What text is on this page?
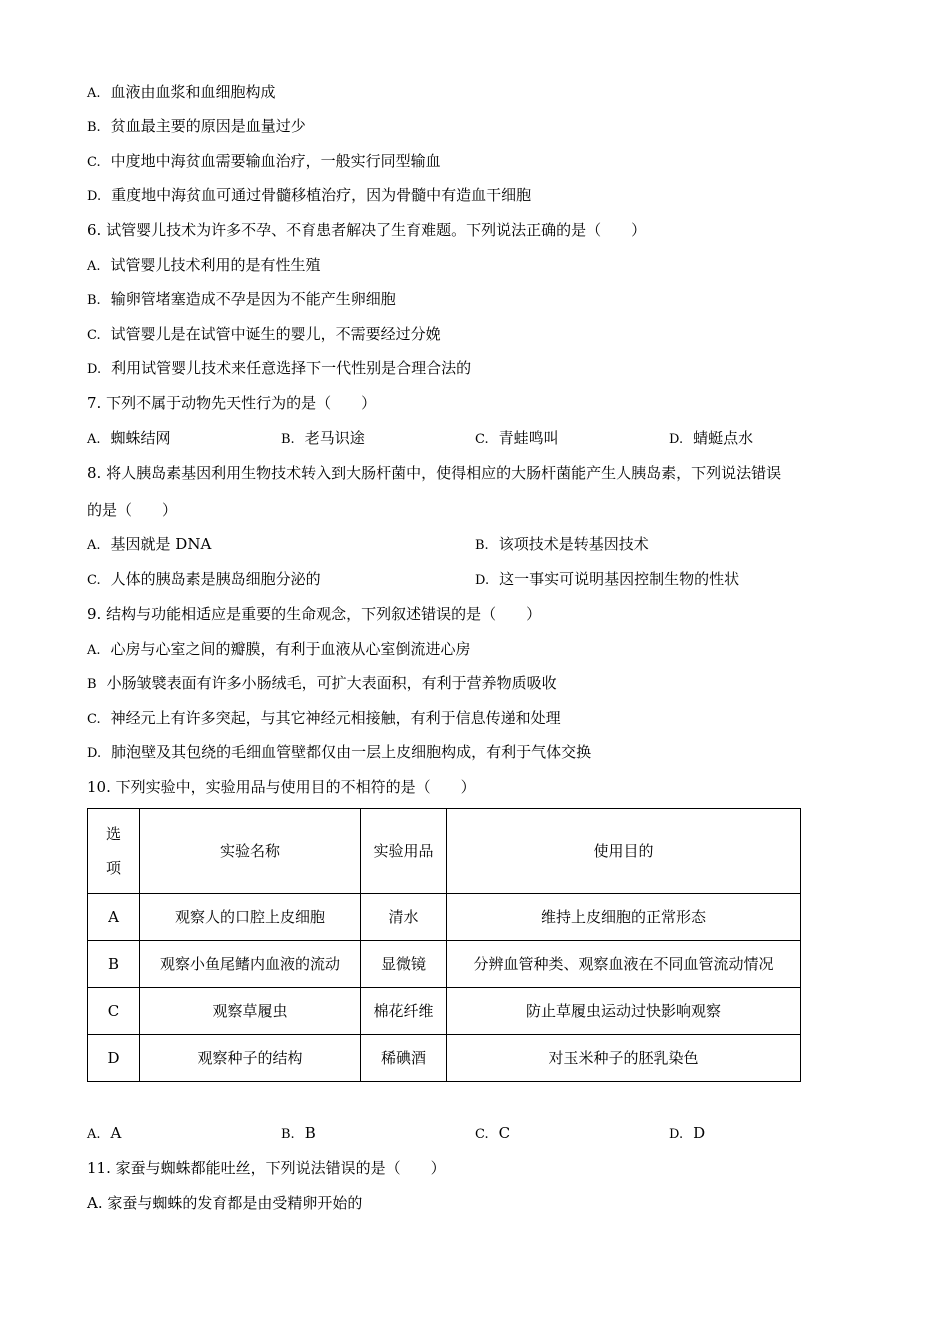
A. 血液由血浆和血细胞构成
B. 贫血最主要的原因是血量过少
C. 中度地中海贫血需要输血治疗，一般实行同型输血
D. 重度地中海贫血可通过骨髓移植治疗，因为骨髓中有造血干细胞
6. 试管婴儿技术为许多不孕、不育患者解决了生育难题。下列说法正确的是（　　）
A. 试管婴儿技术利用的是有性生殖
B. 输卵管堵塞造成不孕是因为不能产生卵细胞
C. 试管婴儿是在试管中诞生的婴儿，不需要经过分娩
D. 利用试管婴儿技术来任意选择下一代性别是合理合法的
7. 下列不属于动物先天性行为的是（　　）
A. 蜘蛛结网	B. 老马识途	C. 青蛙鸣叫	D. 蜻蜓点水
8. 将人胰岛素基因利用生物技术转入到大肠杆菌中，使得相应的大肠杆菌能产生人胰岛素，下列说法错误
的是（　　）
A. 基因就是 DNA	B. 该项技术是转基因技术
C. 人体的胰岛素是胰岛细胞分泌的	D. 这一事实可说明基因控制生物的性状
9. 结构与功能相适应是重要的生命观念，下列叙述错误的是（　　）
A. 心房与心室之间的瓣膜，有利于血液从心室倒流进心房
B 小肠皱襞表面有许多小肠绒毛，可扩大表面积，有利于营养物质吸收
C. 神经元上有许多突起，与其它神经元相接触，有利于信息传递和处理
D. 肺泡壁及其包绕的毛细血管壁都仅由一层上皮细胞构成，有利于气体交换
10. 下列实验中，实验用品与使用目的不相符的是（　　）
选
项	实验名称	实验用品	使用目的
A	观察人的口腔上皮细胞	清水	维持上皮细胞的正常形态
B	观察小鱼尾鳍内血液的流动	显微镜	分辨血管种类、观察血液在不同血管流动情况
C	观察草履虫	棉花纤维	防止草履虫运动过快影响观察
D	观察种子的结构	稀碘酒	对玉米种子的胚乳染色
A. A	B. B	C. C	D. D
11. 家蚕与蜘蛛都能吐丝，下列说法错误的是（　　）
A. 家蚕与蜘蛛的发育都是由受精卵开始的
